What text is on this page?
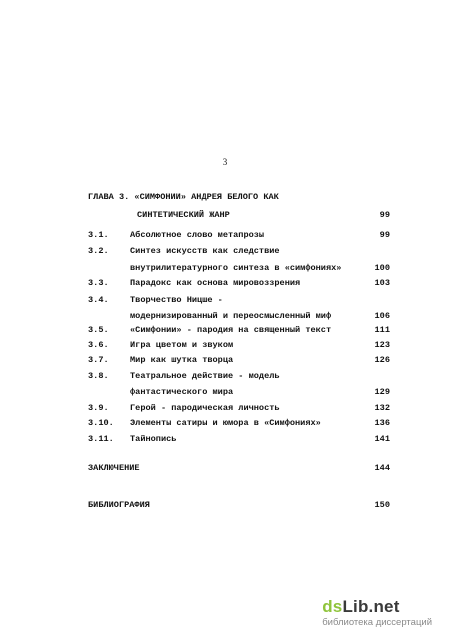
3
ГЛАВА 3. «СИМФОНИИ» АНДРЕЯ БЕЛОГО КАК
СИНТЕТИЧЕСКИЙ ЖАНР	99
3.1. Абсолютное слово метапрозы	99
3.2. Синтез искусств как следствие
внутрилитературного синтеза в «симфониях»	100
3.3. Парадокс как основа мировоззрения	103
3.4. Творчество Ницше -
модернизированный и переосмысленный миф	106
3.5. «Симфонии» - пародия на священный текст	111
3.6. Игра цветом и звуком	123
3.7. Мир как шутка творца	126
3.8. Театральное действие - модель
фантастического мира	129
3.9. Герой - пародическая личность	132
3.10. Элементы сатиры и юмора в «Симфониях»	136
3.11. Тайнопись	141
ЗАКЛЮЧЕНИЕ	144
БИБЛИОГРАФИЯ	150
dsLib.net
библиотека диссертаций
